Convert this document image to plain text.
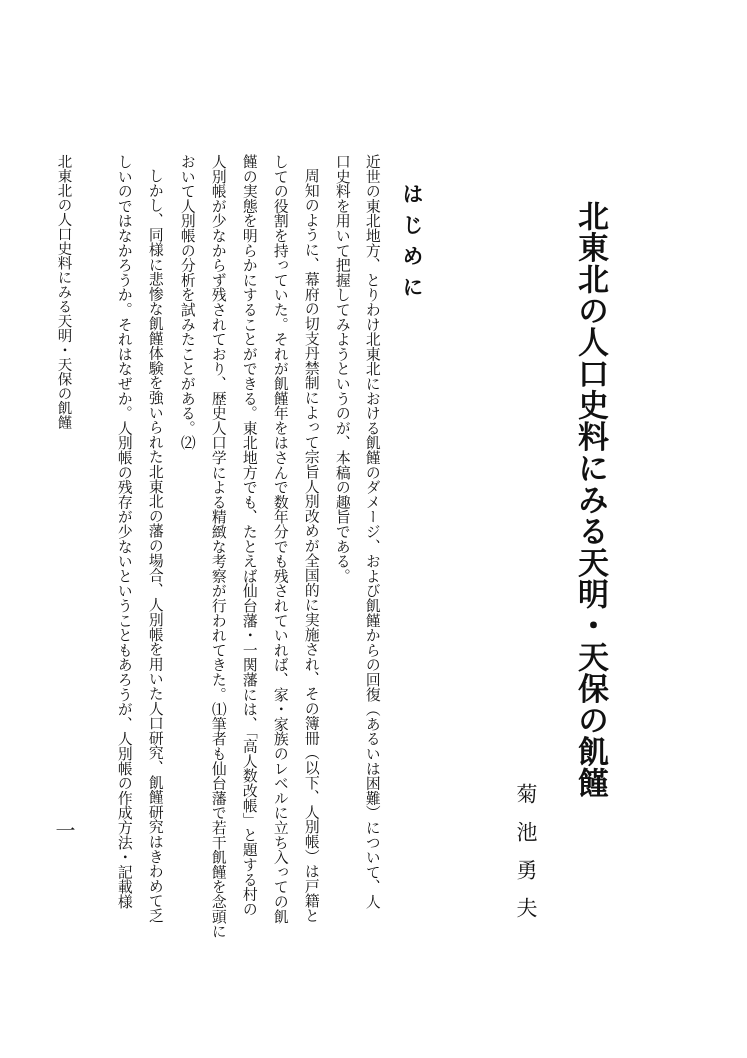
北東北の人口史料にみる天明・天保の飢饉
菊池勇夫
はじめに
近世の東北地方、とりわけ北東北における飢饉のダメージ、および飢饉からの回復（あるいは困難）について、人
口史料を用いて把握してみようというのが、本稿の趣旨である。
周知のように、幕府の切支丹禁制によって宗旨人別改めが全国的に実施され、その簿冊（以下、人別帳）は戸籍と
しての役割を持っていた。それが飢饉年をはさんで数年分でも残されていれば、家・家族のレベルに立ち入っての飢
饉の実態を明らかにすることができる。東北地方でも、たとえば仙台藩・一関藩には、「高人数改帳」と題する村の
人別帳が少なからず残されており、歴史人口学による精緻な考察が行われてきた。⑴筆者も仙台藩で若干飢饉を念頭に
おいて人別帳の分析を試みたことがある。⑵
しかし、同様に悲惨な飢饉体験を強いられた北東北の藩の場合、人別帳を用いた人口研究、飢饉研究はきわめて乏
しいのではなかろうか。それはなぜか。人別帳の残存が少ないということもあろうが、人別帳の作成方法・記載様
北東北の人口史料にみる天明・天保の飢饉
一
